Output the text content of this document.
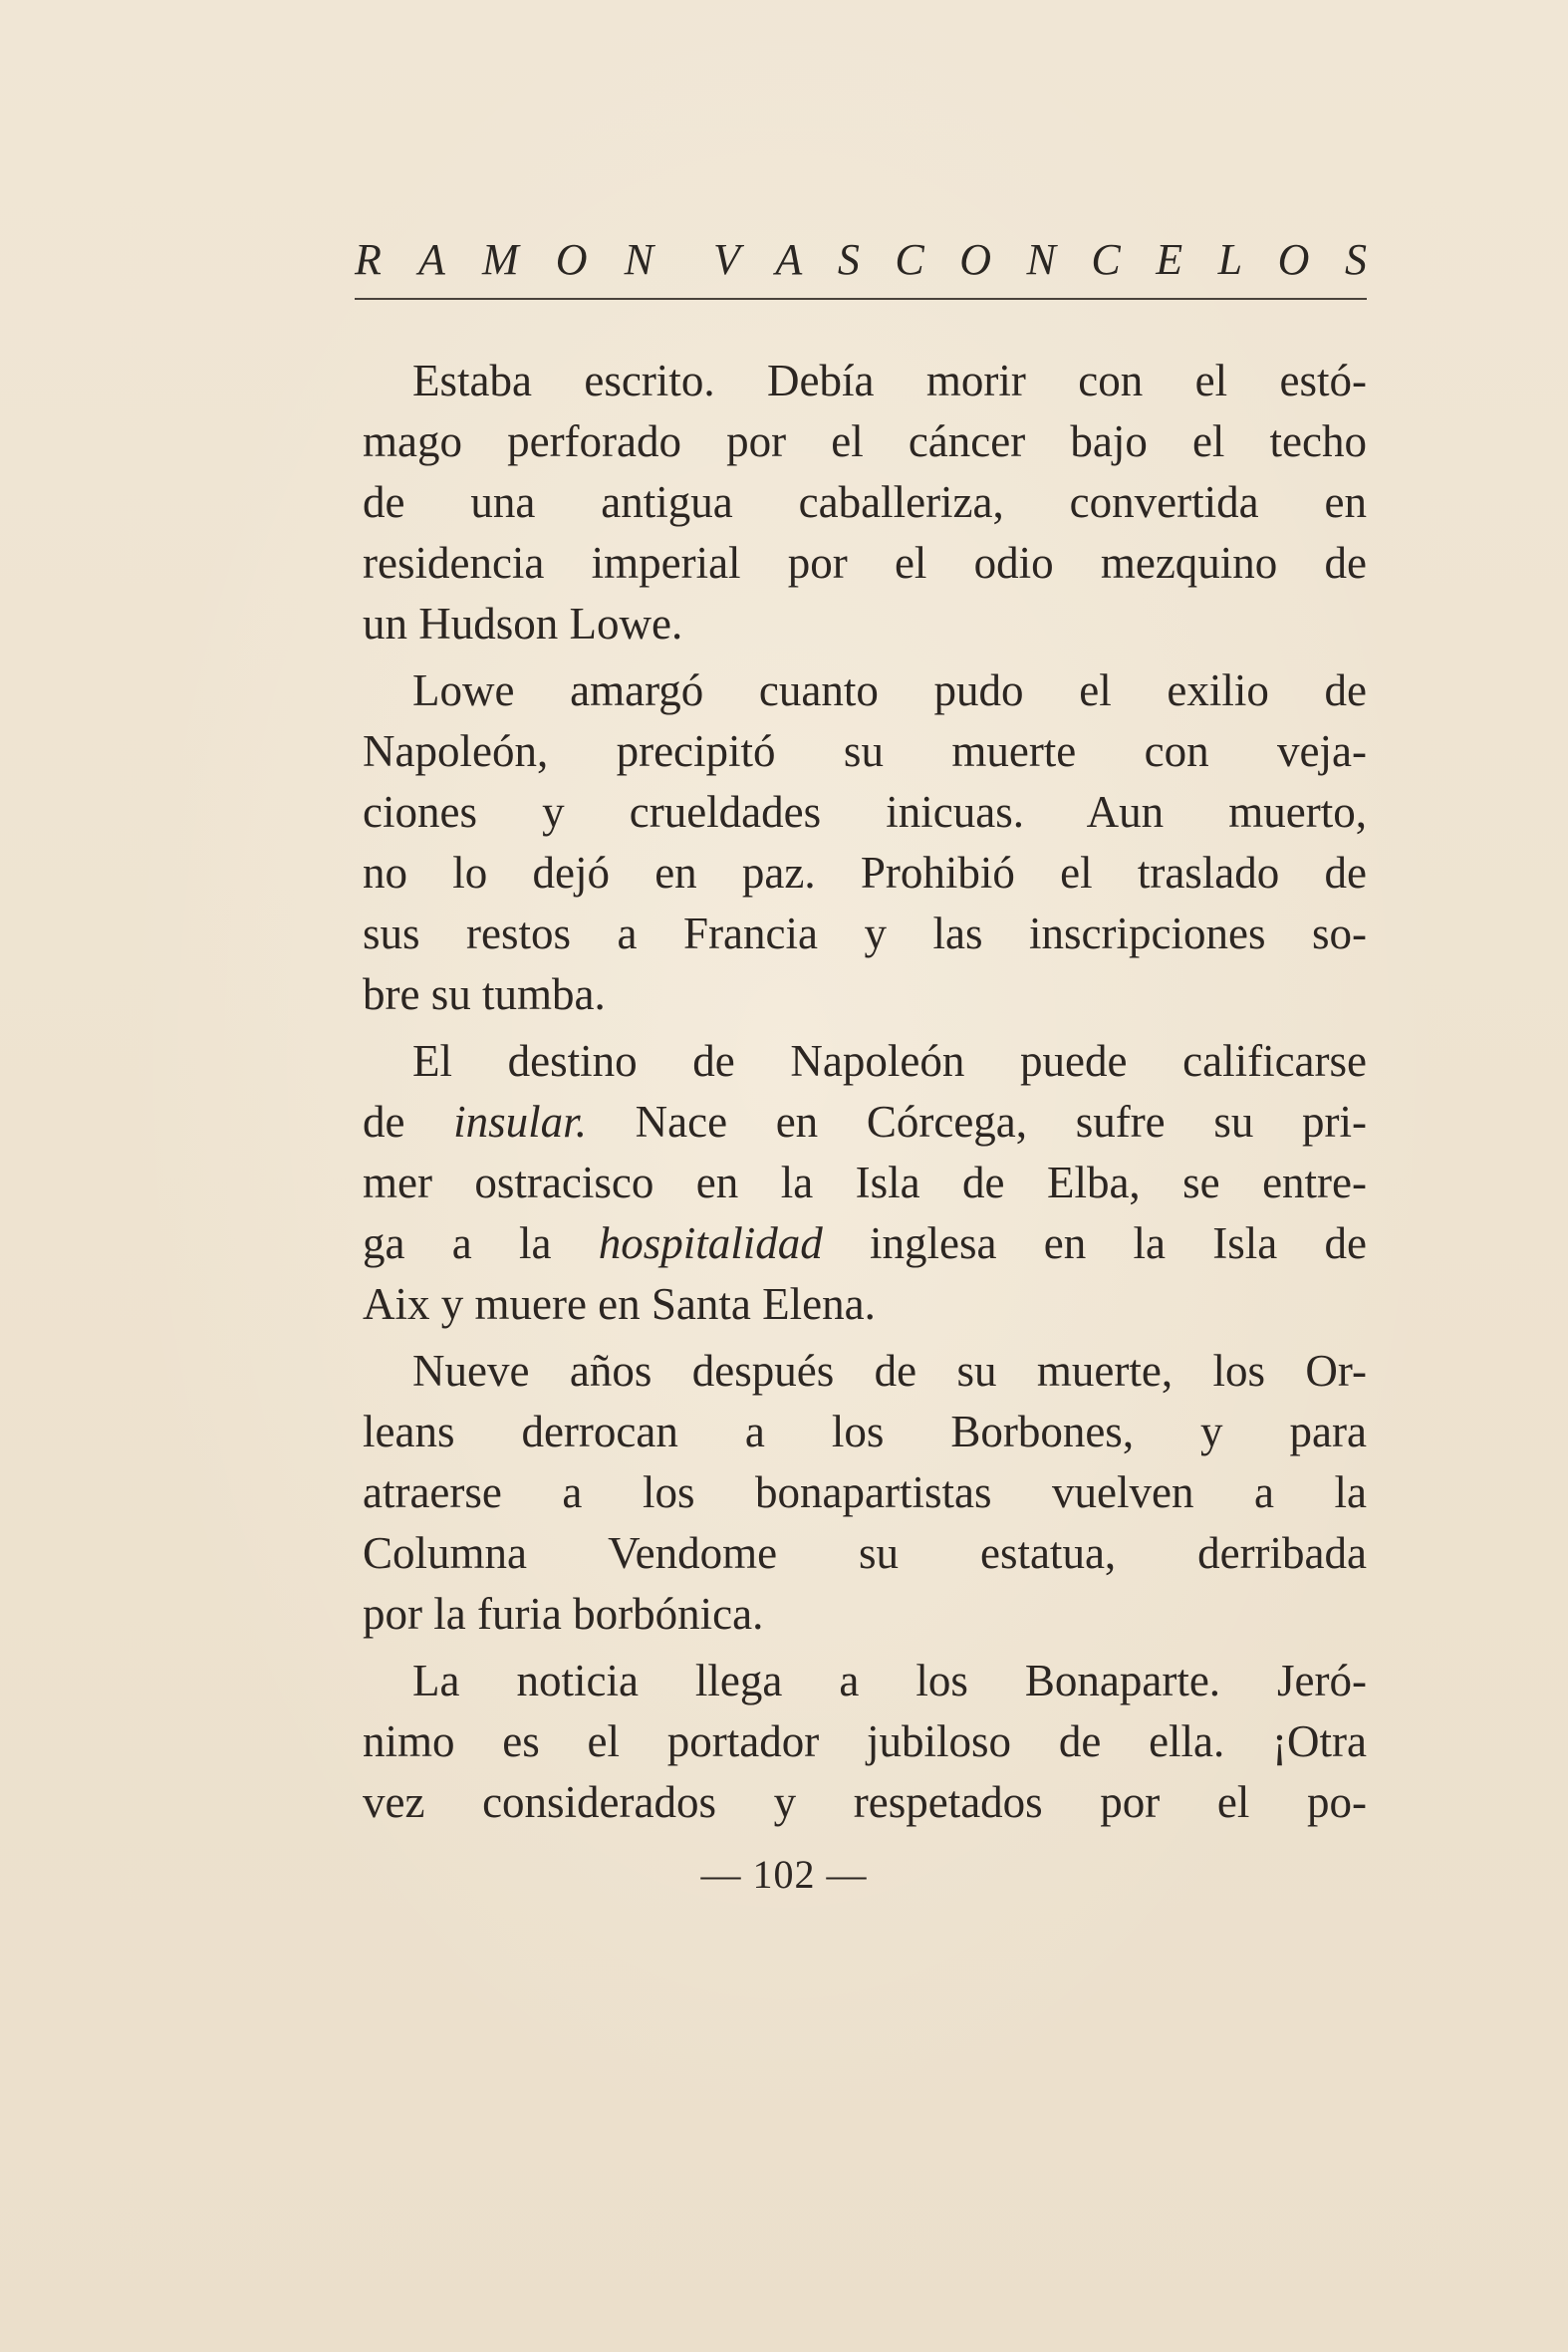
R A M O N V A S C O N C E L O S
Estaba escrito. Debía morir con el estó-
mago perforado por el cáncer bajo el techo
de una antigua caballeriza, convertida en
residencia imperial por el odio mezquino de
un Hudson Lowe.
Lowe amargó cuanto pudo el exilio de
Napoleón, precipitó su muerte con veja-
ciones y crueldades inicuas. Aun muerto,
no lo dejó en paz. Prohibió el traslado de
sus restos a Francia y las inscripciones so-
bre su tumba.
El destino de Napoleón puede calificarse
de insular. Nace en Córcega, sufre su pri-
mer ostracisco en la Isla de Elba, se entre-
ga a la hospitalidad inglesa en la Isla de
Aix y muere en Santa Elena.
Nueve años después de su muerte, los Or-
leans derrocan a los Borbones, y para
atraerse a los bonapartistas vuelven a la
Columna Vendome su estatua, derribada
por la furia borbónica.
La noticia llega a los Bonaparte. Jeró-
nimo es el portador jubiloso de ella. ¡Otra
vez considerados y respetados por el po-
— 102 —
